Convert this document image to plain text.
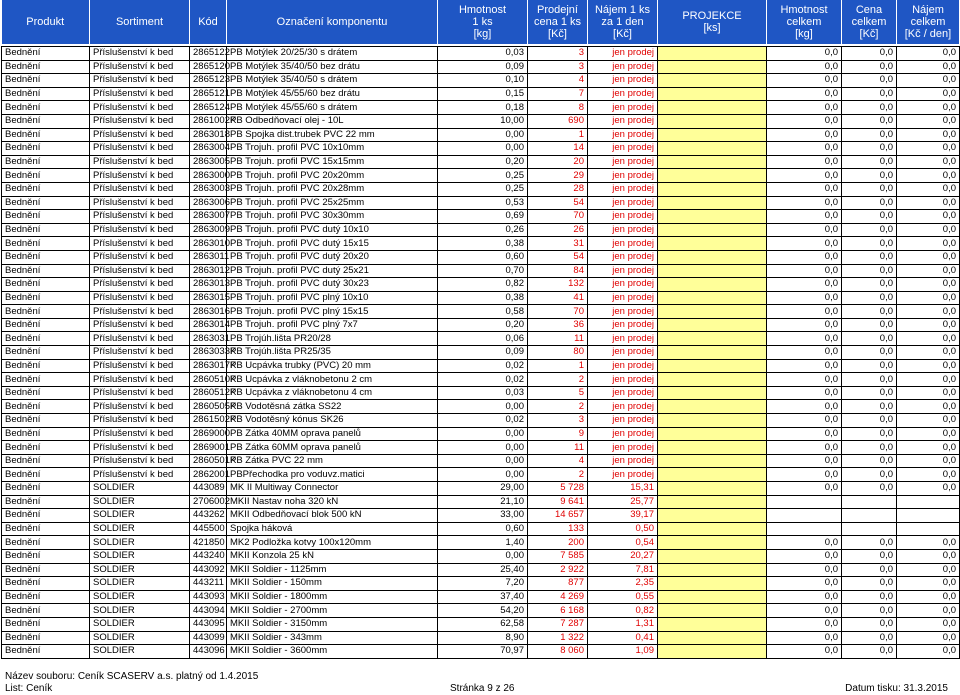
Produkt	Sortiment	Kód	Označení komponentu	Hmotnost
1 ks
[kg]	Prodejní
cena 1 ks
[Kč]	Nájem 1 ks
za 1 den
[Kč]	PROJEKCE
[ks]	Hmotnost
celkem
[kg]	Cena
celkem
[Kč]	Nájem
celkem
[Kč / den]

Bednění	Příslušenství k bed	2865122	PB Motýlek 20/25/30 s drátem	0,03	3	jen prodej		0,0	0,0	0,0
Bednění	Příslušenství k bed	2865120	PB Motýlek 35/40/50 bez drátu	0,09	3	jen prodej		0,0	0,0	0,0
Bednění	Příslušenství k bed	2865123	PB Motýlek 35/40/50 s drátem	0,10	4	jen prodej		0,0	0,0	0,0
Bednění	Příslušenství k bed	2865121	PB Motýlek 45/55/60 bez drátu	0,15	7	jen prodej		0,0	0,0	0,0
Bednění	Příslušenství k bed	2865124	PB Motýlek 45/55/60 s drátem	0,18	8	jen prodej		0,0	0,0	0,0
Bednění	Příslušenství k bed	2861002K	PB Odbedňovací olej - 10L	10,00	690	jen prodej		0,0	0,0	0,0
Bednění	Příslušenství k bed	2863018	PB Spojka dist.trubek PVC 22 mm	0,00	1	jen prodej		0,0	0,0	0,0
Bednění	Příslušenství k bed	2863004	PB Trojuh. profil PVC 10x10mm	0,00	14	jen prodej		0,0	0,0	0,0
Bednění	Příslušenství k bed	2863005	PB Trojuh. profil PVC 15x15mm	0,20	20	jen prodej		0,0	0,0	0,0
Bednění	Příslušenství k bed	2863000	PB Trojuh. profil PVC 20x20mm	0,25	29	jen prodej		0,0	0,0	0,0
Bednění	Příslušenství k bed	2863003	PB Trojuh. profil PVC 20x28mm	0,25	28	jen prodej		0,0	0,0	0,0
Bednění	Příslušenství k bed	2863006	PB Trojuh. profil PVC 25x25mm	0,53	54	jen prodej		0,0	0,0	0,0
Bednění	Příslušenství k bed	2863007	PB Trojuh. profil PVC 30x30mm	0,69	70	jen prodej		0,0	0,0	0,0
Bednění	Příslušenství k bed	2863009	PB Trojuh. profil PVC dutý 10x10	0,26	26	jen prodej		0,0	0,0	0,0
Bednění	Příslušenství k bed	2863010	PB Trojuh. profil PVC dutý 15x15	0,38	31	jen prodej		0,0	0,0	0,0
Bednění	Příslušenství k bed	2863011	PB Trojuh. profil PVC dutý 20x20	0,60	54	jen prodej		0,0	0,0	0,0
Bednění	Příslušenství k bed	2863012	PB Trojuh. profil PVC dutý 25x21	0,70	84	jen prodej		0,0	0,0	0,0
Bednění	Příslušenství k bed	2863013	PB Trojuh. profil PVC dutý 30x23	0,82	132	jen prodej		0,0	0,0	0,0
Bednění	Příslušenství k bed	2863015	PB Trojuh. profil PVC plný 10x10	0,38	41	jen prodej		0,0	0,0	0,0
Bednění	Příslušenství k bed	2863016	PB Trojuh. profil PVC plný 15x15	0,58	70	jen prodej		0,0	0,0	0,0
Bednění	Příslušenství k bed	2863014	PB Trojuh. profil PVC plný 7x7	0,20	36	jen prodej		0,0	0,0	0,0
Bednění	Příslušenství k bed	2863031	PB Trojúh.lišta PR20/28	0,06	11	jen prodej		0,0	0,0	0,0
Bednění	Příslušenství k bed	2863033K	PB Trojúh.lišta PR25/35	0,09	80	jen prodej		0,0	0,0	0,0
Bednění	Příslušenství k bed	2863017K	PB Ucpávka trubky (PVC) 20 mm	0,02	1	jen prodej		0,0	0,0	0,0
Bednění	Příslušenství k bed	2860510K	PB Ucpávka z vláknobetonu 2 cm	0,02	2	jen prodej		0,0	0,0	0,0
Bednění	Příslušenství k bed	2860512K	PB Ucpávka z vláknobetonu 4 cm	0,03	5	jen prodej		0,0	0,0	0,0
Bednění	Příslušenství k bed	2860505K	PB Vodotěsná zátka SS22	0,00	2	jen prodej		0,0	0,0	0,0
Bednění	Příslušenství k bed	2861502K	PB Vodotěsný kónus SK26	0,02	3	jen prodej		0,0	0,0	0,0
Bednění	Příslušenství k bed	2869000	PB Zátka 40MM oprava panelů	0,00	9	jen prodej		0,0	0,0	0,0
Bednění	Příslušenství k bed	2869001	PB Zátka 60MM oprava panelů	0,00	11	jen prodej		0,0	0,0	0,0
Bednění	Příslušenství k bed	2860501K	PB Zátka PVC 22 mm	0,00	4	jen prodej		0,0	0,0	0,0
Bednění	Příslušenství k bed	2862001	PBPřechodka pro voduvz.matici	0,00	2	jen prodej		0,0	0,0	0,0
Bednění	SOLDIER	443089	MK II Multiway Connector	29,00	5 728	15,31		0,0	0,0	0,0
Bednění	SOLDIER	2706002	MKII Nastav noha 320 kN	21,10	9 641	25,77				
Bednění	SOLDIER	443262	MKII Odbedňovací blok 500 kN	33,00	14 657	39,17				
Bednění	SOLDIER	445500	Spojka háková	0,60	133	0,50				
Bednění	SOLDIER	421850	MK2 Podložka kotvy 100x120mm	1,40	200	0,54		0,0	0,0	0,0
Bednění	SOLDIER	443240	MKII Konzola 25 kN	0,00	7 585	20,27		0,0	0,0	0,0
Bednění	SOLDIER	443092	MKII Soldier - 1125mm	25,40	2 922	7,81		0,0	0,0	0,0
Bednění	SOLDIER	443211	MKII Soldier - 150mm	7,20	877	2,35		0,0	0,0	0,0
Bednění	SOLDIER	443093	MKII Soldier - 1800mm	37,40	4 269	0,55		0,0	0,0	0,0
Bednění	SOLDIER	443094	MKII Soldier - 2700mm	54,20	6 168	0,82		0,0	0,0	0,0
Bednění	SOLDIER	443095	MKII Soldier - 3150mm	62,58	7 287	1,31		0,0	0,0	0,0
Bednění	SOLDIER	443099	MKII Soldier - 343mm	8,90	1 322	0,41		0,0	0,0	0,0
Bednění	SOLDIER	443096	MKII Soldier - 3600mm	70,97	8 060	1,09		0,0	0,0	0,0
Název souboru: Ceník SCASERV a.s. platný od 1.4.2015
List: Ceník	Stránka 9 z 26	Datum tisku: 31.3.2015
